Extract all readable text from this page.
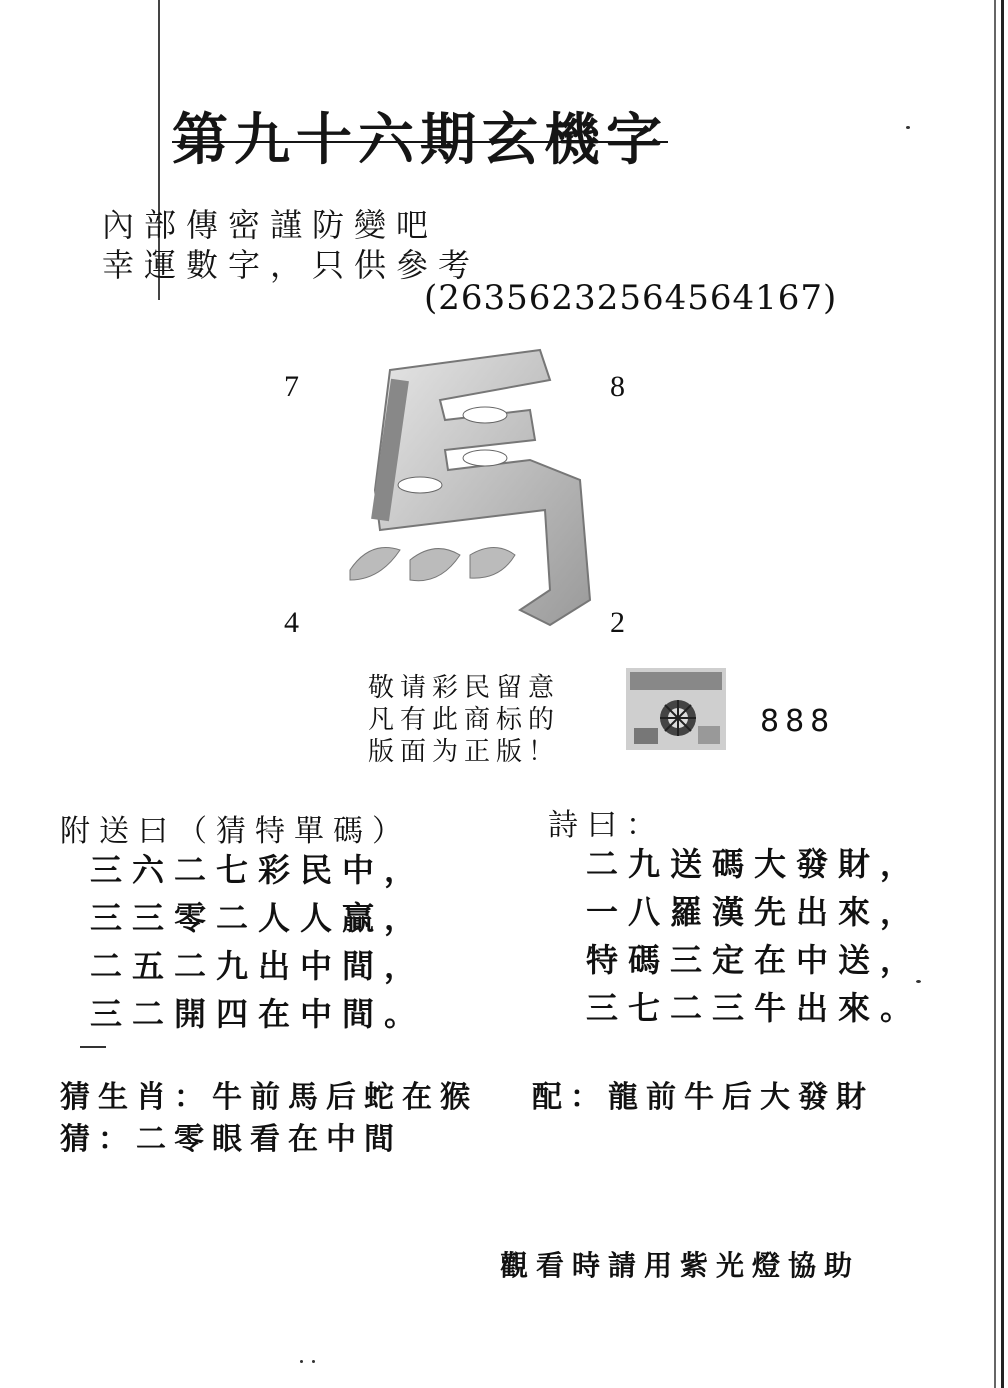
第九十六期玄機字
內部傳密謹防變吧
幸運數字，只供參考
(26356232564564167)
7	8
4	2
敬请彩民留意
凡有此商标的
版面为正版！
888
附送曰（猜特單碼）
三六二七彩民中，
三三零二人人贏，
二五二九出中間，
三二開四在中間。
詩曰：
二九送碼大發財，
一八羅漢先出來，
特碼三定在中送，
三七二三牛出來。
猜生肖：牛前馬后蛇在猴 配：龍前牛后大發財
猜：二零眼看在中間
觀看時請用紫光燈協助
